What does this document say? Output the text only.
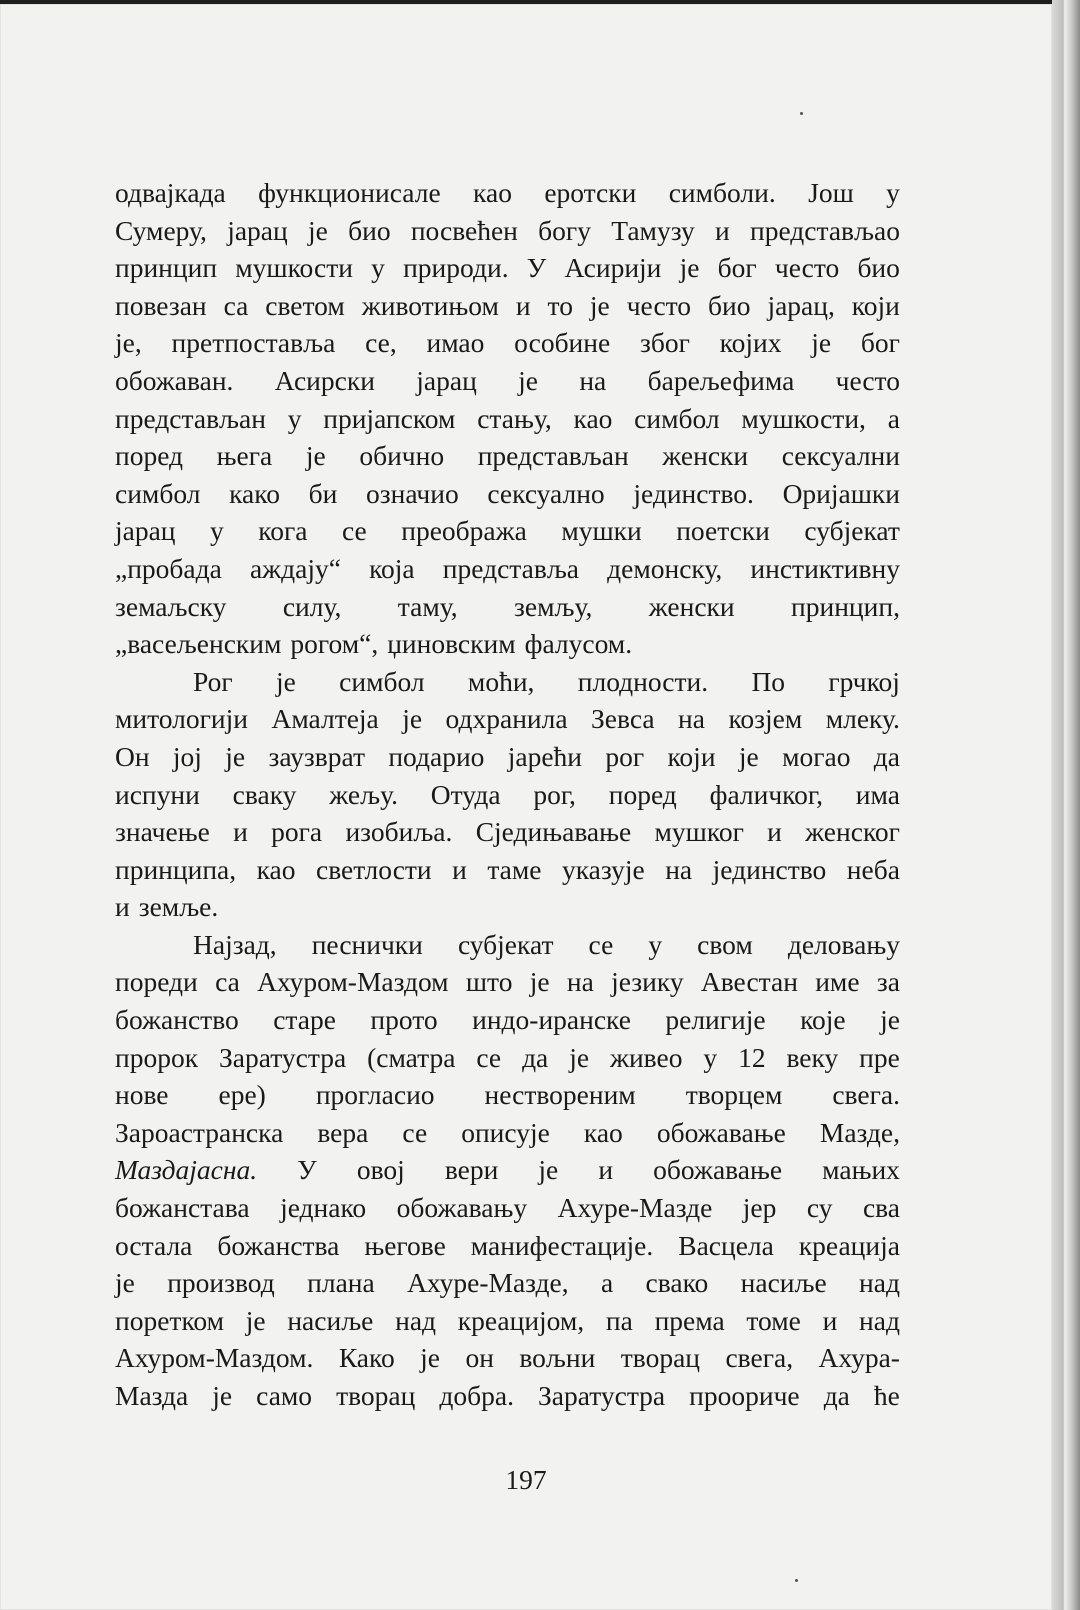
одвајкада функционисале као еротски симболи. Још у
Сумеру, јарац је био посвећен богу Тамузу и представљао
принцип мушкости у природи. У Асирији је бог често био
повезан са светом животињом и то је често био јарац, који
је, претпоставља се, имао особине због којих је бог
обожаван. Асирски јарац је на барељефима често
представљан у пријапском стању, као симбол мушкости, а
поред њега је обично представљан женски сексуални
симбол како би означио сексуално јединство. Оријашки
јарац у кога се преобража мушки поетски субјекат
„пробада аждају“ која представља демонску, инстиктивну
земаљску силу, таму, земљу, женски принцип,
„васељенским рогом“, џиновским фалусом.
Рог је симбол моћи, плодности. По грчкој
митологији Амалтеја је одхранила Зевса на козјем млеку.
Он јој је заузврат подарио јарећи рог који је могао да
испуни сваку жељу. Отуда рог, поред фаличког, има
значење и рога изобиља. Сједињавање мушког и женског
принципа, као светлости и таме указује на јединство неба
и земље.
Најзад, песнички субјекат се у свом деловању
пореди са Ахуром-Маздом што је на језику Авестан име за
божанство старе прото индо-иранске религије које је
пророк Заратустра (сматра се да је живео у 12 веку пре
нове ере) прогласио нествореним творцем свега.
Зароастранска вера се описује као обожавање Мазде,
Маздајасна. У овој вери је и обожавање мањих
божанстава једнако обожавању Ахуре-Мазде јер су сва
остала божанства његове манифестације. Васцела креација
је производ плана Ахуре-Мазде, а свако насиље над
поретком је насиље над креацијом, па према томе и над
Ахуром-Маздом. Како је он вољни творац свега, Ахура-
Мазда је само творац добра. Заратустра проориче да ће
197
